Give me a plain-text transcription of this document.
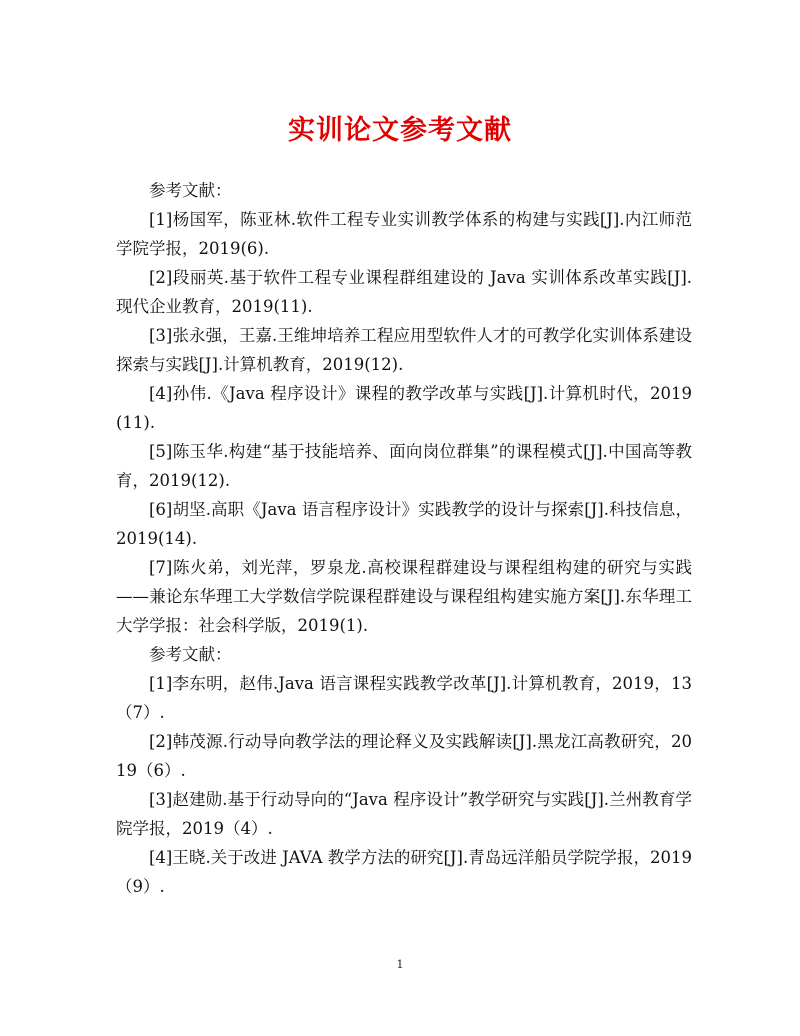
实训论文参考文献

参考文献：

[1]杨国军，陈亚林.软件工程专业实训教学体系的构建与实践[J].内江师范学院学报，2019(6).

[2]段丽英.基于软件工程专业课程群组建设的 Java 实训体系改革实践[J].现代企业教育，2019(11).

[3]张永强，王嘉.王维坤培养工程应用型软件人才的可教学化实训体系建设探索与实践[J].计算机教育，2019(12).

[4]孙伟.《Java 程序设计》课程的教学改革与实践[J].计算机时代，2019(11).

[5]陈玉华.构建“基于技能培养、面向岗位群集”的课程模式[J].中国高等教育，2019(12).

[6]胡坚.高职《Java 语言程序设计》实践教学的设计与探索[J].科技信息，2019(14).

[7]陈火弟，刘光萍，罗泉龙.高校课程群建设与课程组构建的研究与实践——兼论东华理工大学数信学院课程群建设与课程组构建实施方案[J].东华理工大学学报：社会科学版，2019(1).

参考文献：

[1]李东明，赵伟.Java 语言课程实践教学改革[J].计算机教育，2019，13（7）.

[2]韩茂源.行动导向教学法的理论释义及实践解读[J].黑龙江高教研究，2019（6）.

[3]赵建勋.基于行动导向的“Java 程序设计”教学研究与实践[J].兰州教育学院学报，2019（4）.

[4]王晓.关于改进 JAVA 教学方法的研究[J].青岛远洋船员学院学报，2019（9）.

1
